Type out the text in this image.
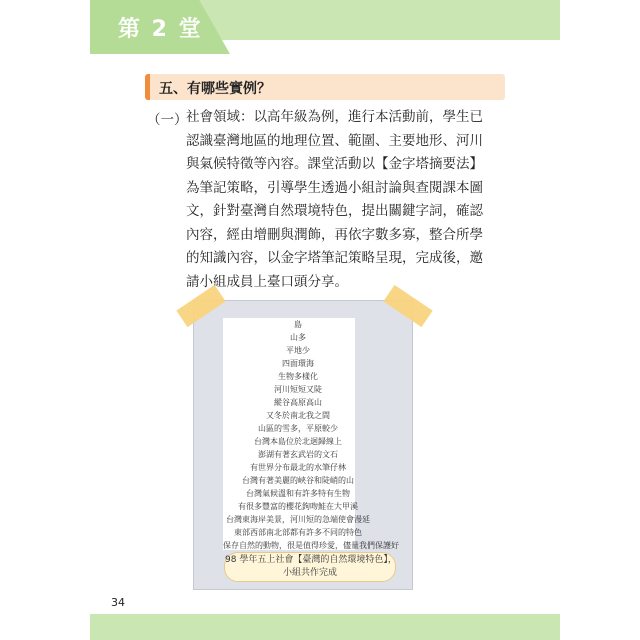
第 2 堂
五、有哪些實例？
（一）
社會領域：以高年級為例，進行本活動前，學生已
認識臺灣地區的地理位置、範圍、主要地形、河川
與氣候特徵等內容。課堂活動以【金字塔摘要法】
為筆記策略，引導學生透過小組討論與查閱課本圖
文，針對臺灣自然環境特色，提出關鍵字詞，確認
內容，經由增刪與潤飾，再依字數多寡，整合所學
的知識內容，以金字塔筆記策略呈現，完成後，邀
請小組成員上臺口頭分享。
島
山多
平地少
四面環海
生物多樣化
河川短短又陡
縱谷高原高山
又冬於南北我之間
山區的雪多，平原較少
台灣本島位於北迴歸線上
澎湖有著玄武岩的文石
有世界分布最北的水筆仔林
台灣有著美麗的峽谷和陡峭的山
台灣氣候溫和有許多特有生物
有很多豐富的櫻花鉤吻鮭在大甲溪
台灣東海岸美景，河川短的急端使會漫延
東部西部南北部都有許多不同的特色
保存自然的動物，很是值得珍愛，儘量我們保護好
98 學年五上社會【臺灣的自然環境特色】，
小組共作完成
34
